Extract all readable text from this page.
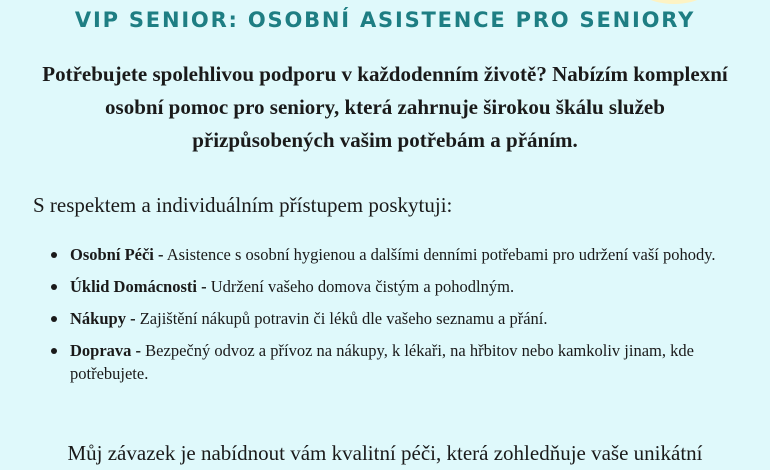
VIP SENIOR: OSOBNÍ ASISTENCE PRO SENIORY

Potřebujete spolehlivou podporu v každodenním životě? Nabízím komplexní osobní pomoc pro seniory, která zahrnuje širokou škálu služeb přizpůsobených vašim potřebám a přáním.

S respektem a individuálním přístupem poskytuji:

Osobní Péči - Asistence s osobní hygienou a dalšími denními potřebami pro udržení vaší pohody.
Úklid Domácnosti - Udržení vašeho domova čistým a pohodlným.
Nákupy - Zajištění nákupů potravin či léků dle vašeho seznamu a přání.
Doprava - Bezpečný odvoz a přívoz na nákupy, k lékaři, na hřbitov nebo kamkoliv jinam, kde potřebujete.

Můj závazek je nabídnout vám kvalitní péči, která zohledňuje vaše unikátní
